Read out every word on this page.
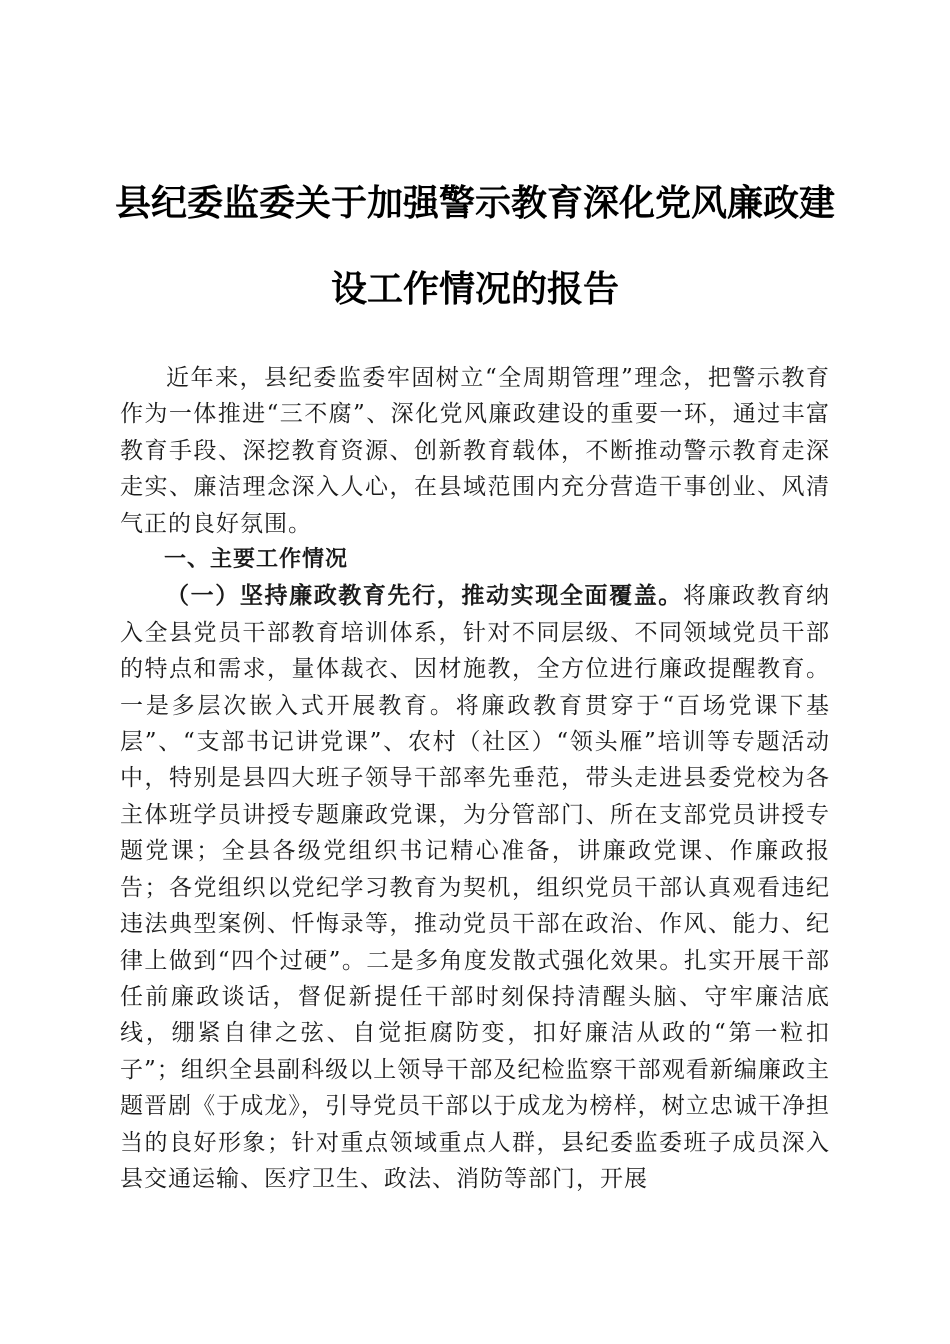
县纪委监委关于加强警示教育深化党风廉政建
设工作情况的报告

近年来，县纪委监委牢固树立“全周期管理”理念，把警示教育作为一体推进“三不腐”、深化党风廉政建设的重要一环，通过丰富教育手段、深挖教育资源、创新教育载体，不断推动警示教育走深走实、廉洁理念深入人心，在县域范围内充分营造干事创业、风清气正的良好氛围。

一、主要工作情况

（一）坚持廉政教育先行，推动实现全面覆盖。将廉政教育纳入全县党员干部教育培训体系，针对不同层级、不同领域党员干部的特点和需求，量体裁衣、因材施教，全方位进行廉政提醒教育。一是多层次嵌入式开展教育。将廉政教育贯穿于“百场党课下基层”、“支部书记讲党课”、农村（社区）“领头雁”培训等专题活动中，特别是县四大班子领导干部率先垂范，带头走进县委党校为各主体班学员讲授专题廉政党课，为分管部门、所在支部党员讲授专题党课；全县各级党组织书记精心准备，讲廉政党课、作廉政报告；各党组织以党纪学习教育为契机，组织党员干部认真观看违纪违法典型案例、忏悔录等，推动党员干部在政治、作风、能力、纪律上做到“四个过硬”。二是多角度发散式强化效果。扎实开展干部任前廉政谈话，督促新提任干部时刻保持清醒头脑、守牢廉洁底线，绷紧自律之弦、自觉拒腐防变，扣好廉洁从政的“第一粒扣子”；组织全县副科级以上领导干部及纪检监察干部观看新编廉政主题晋剧《于成龙》，引导党员干部以于成龙为榜样，树立忠诚干净担当的良好形象；针对重点领域重点人群，县纪委监委班子成员深入县交通运输、医疗卫生、政法、消防等部门，开展
